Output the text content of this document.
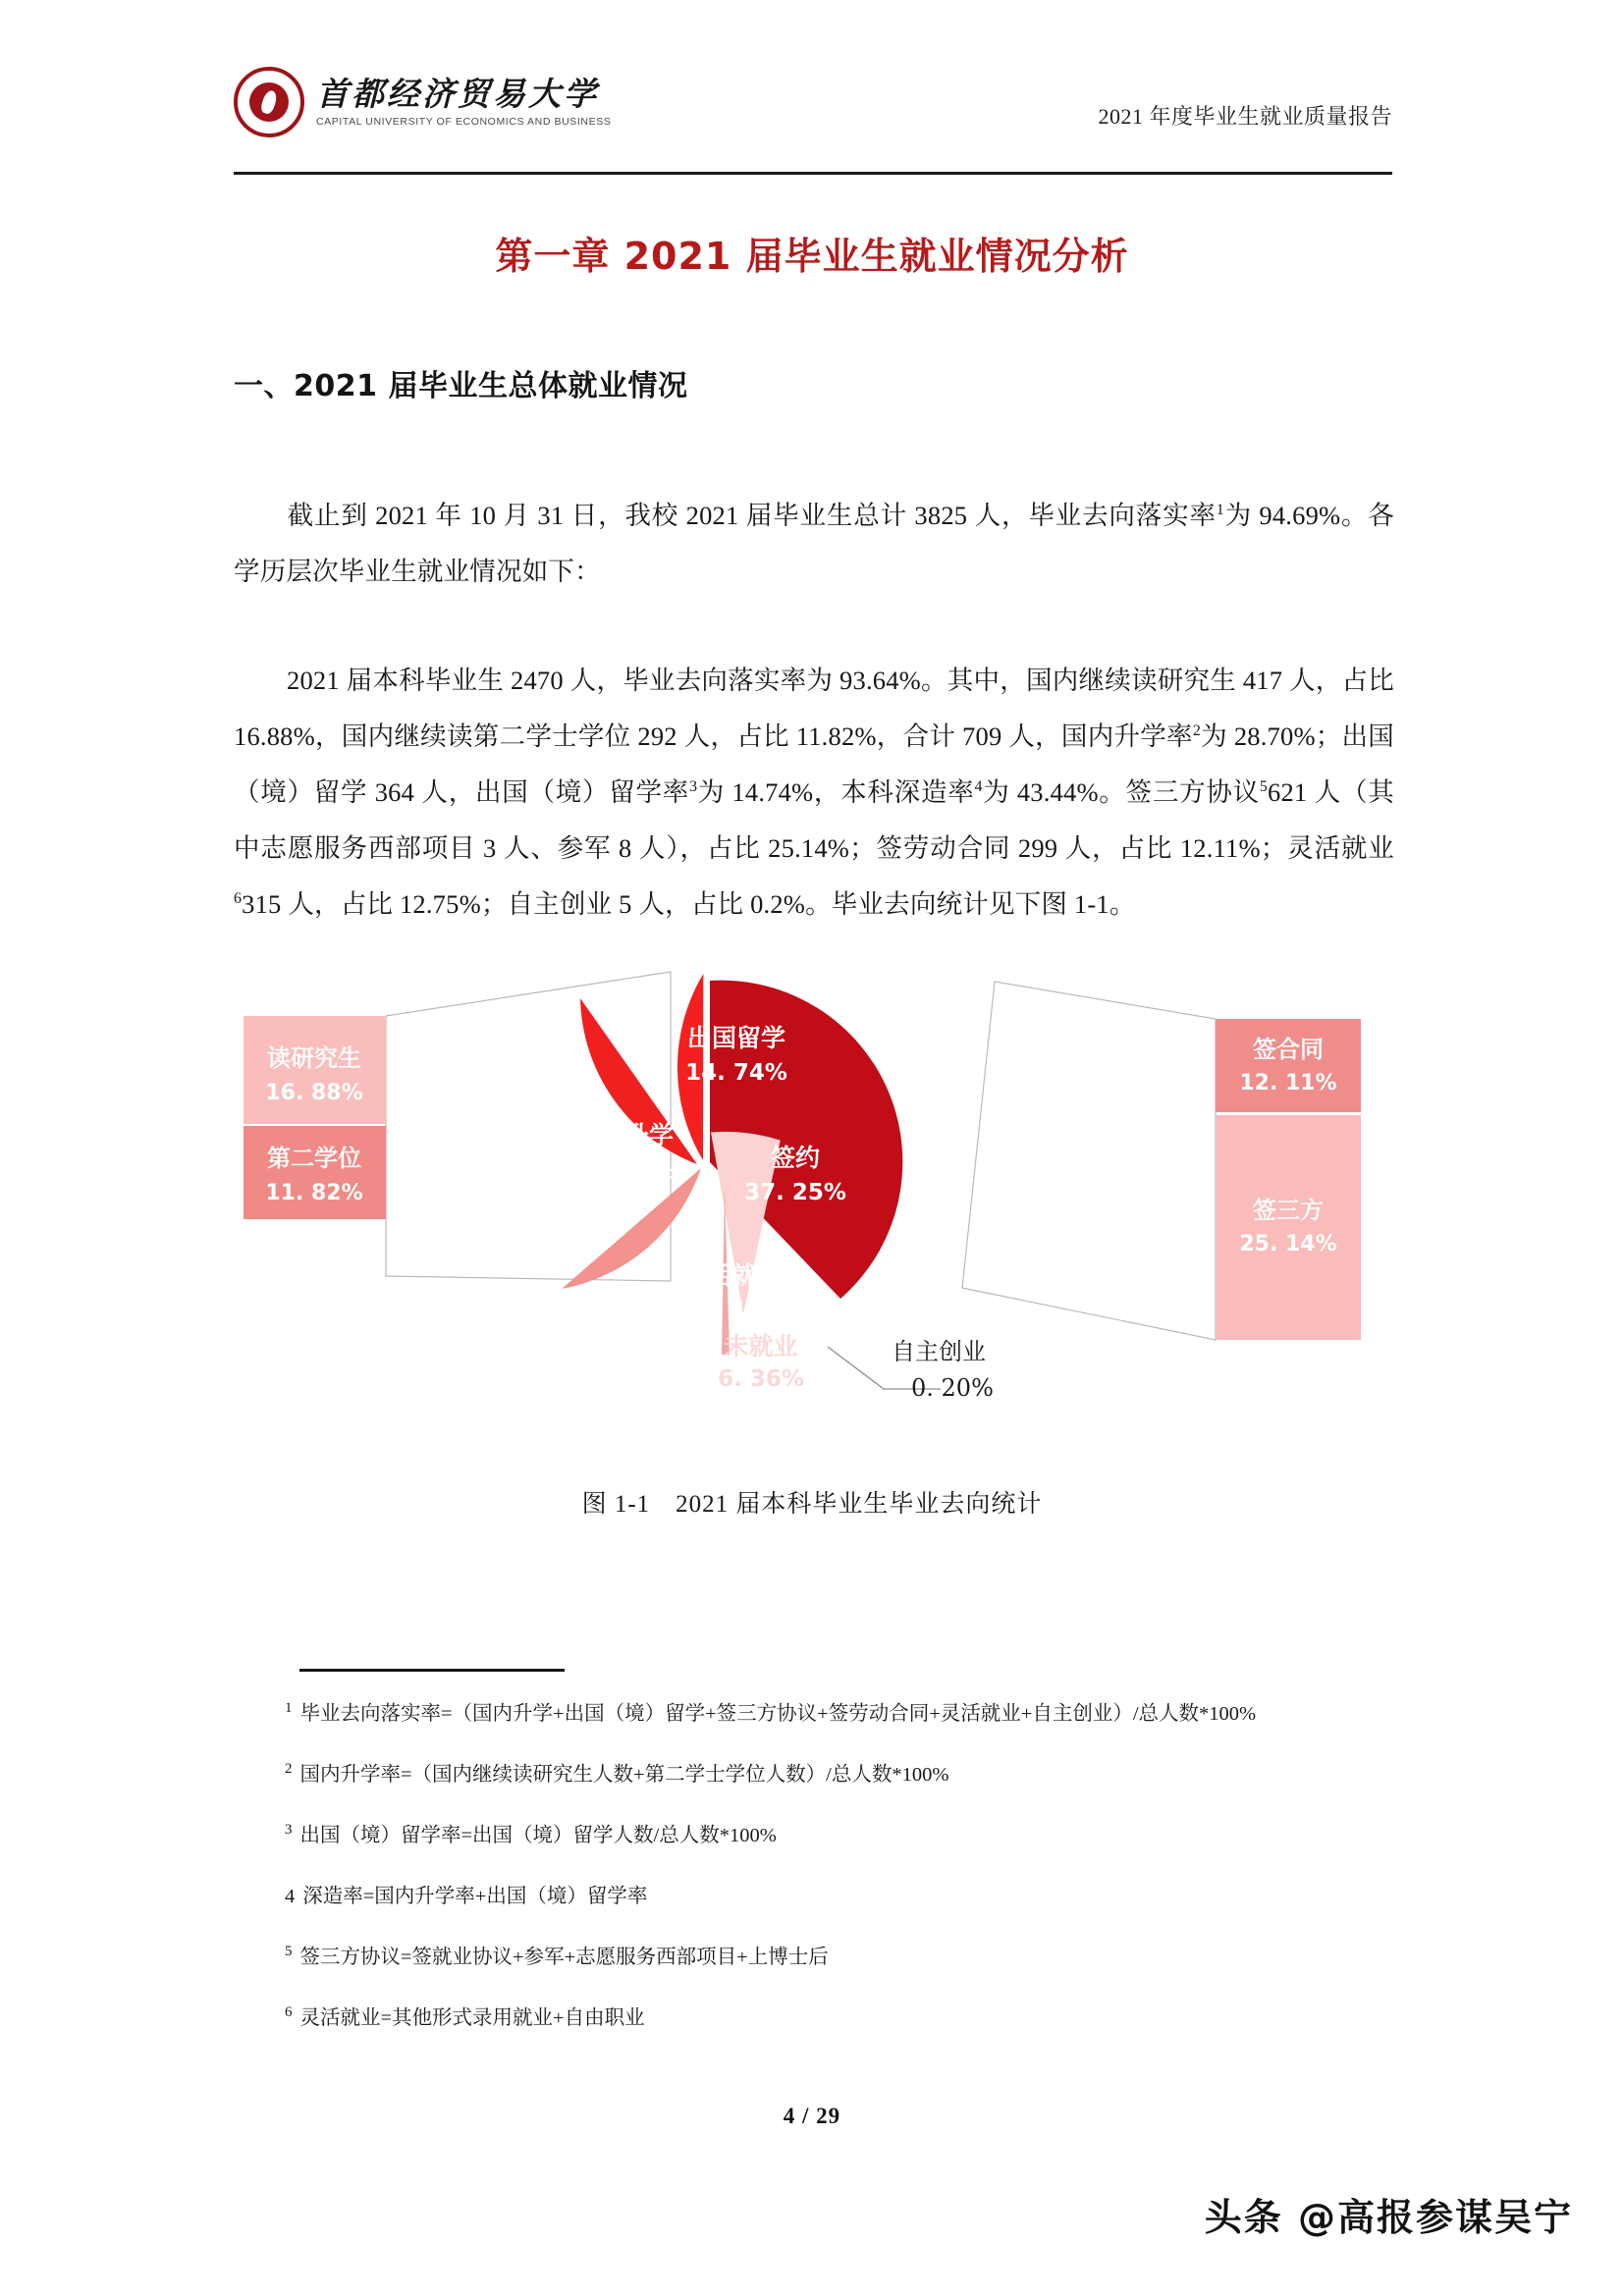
首都经济贸易大学
CAPITAL UNIVERSITY OF ECONOMICS AND BUSINESS	2021 年度毕业生就业质量报告
第一章 2021 届毕业生就业情况分析
一、2021 届毕业生总体就业情况

截止到 2021 年 10 月 31 日，我校 2021 届毕业生总计 3825 人，毕业去向落实率$^1$为 94.69%。各学历层次毕业生就业情况如下：

2021 届本科毕业生 2470 人，毕业去向落实率为 93.64%。其中，国内继续读研究生 417 人，占比 16.88%，国内继续读第二学士学位 292 人，占比 11.82%，合计 709 人，国内升学率$^2$为 28.70%；出国（境）留学 364 人，出国（境）留学率$^3$为 14.74%，本科深造率$^4$为 43.44%。签三方协议$^5$621 人（其中志愿服务西部项目 3 人、参军 8 人），占比 25.14%；签劳动合同 299 人，占比 12.11%；灵活就业$^6$315 人，占比 12.75%；自主创业 5 人，占比 0.2%。毕业去向统计见下图 1-1。

签约
37. 25%
国内升学
28. 70%
出国留学
14. 74%
灵活就业
12. 75%
未就业
6. 36%
自主创业
0. 20%
读研究生
16. 88%
第二学位
11. 82%
签合同
12. 11%
签三方
25. 14%
图 1-1 2021 届本科毕业生毕业去向统计
1 毕业去向落实率=（国内升学+出国（境）留学+签三方协议+签劳动合同+灵活就业+自主创业）/总人数*100%
2 国内升学率=（国内继续读研究生人数+第二学士学位人数）/总人数*100%
3 出国（境）留学率=出国（境）留学人数/总人数*100%
4 深造率=国内升学率+出国（境）留学率
5 签三方协议=签就业协议+参军+志愿服务西部项目+上博士后
6 灵活就业=其他形式录用就业+自由职业
4 / 29
头条 @高报参谋吴宁
